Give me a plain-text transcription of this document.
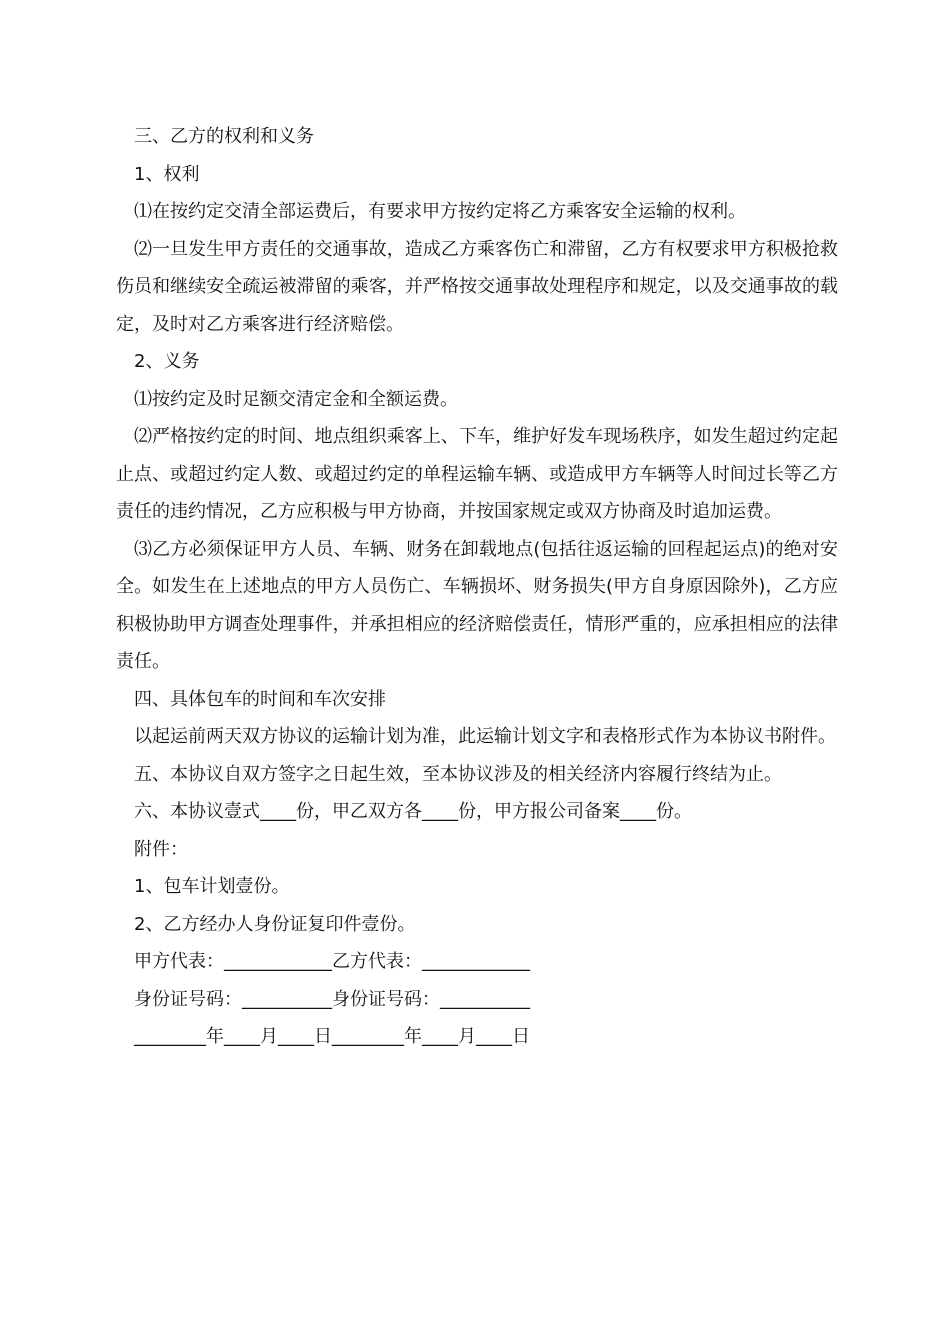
三、乙方的权利和义务

1、权利

⑴在按约定交清全部运费后，有要求甲方按约定将乙方乘客安全运输的权利。

⑵一旦发生甲方责任的交通事故，造成乙方乘客伤亡和滞留，乙方有权要求甲方积极抢救伤员和继续安全疏运被滞留的乘客，并严格按交通事故处理程序和规定，以及交通事故的载定，及时对乙方乘客进行经济赔偿。

2、义务

⑴按约定及时足额交清定金和全额运费。

⑵严格按约定的时间、地点组织乘客上、下车，维护好发车现场秩序，如发生超过约定起止点、或超过约定人数、或超过约定的单程运输车辆、或造成甲方车辆等人时间过长等乙方责任的违约情况，乙方应积极与甲方协商，并按国家规定或双方协商及时追加运费。

⑶乙方必须保证甲方人员、车辆、财务在卸载地点(包括往返运输的回程起运点)的绝对安全。如发生在上述地点的甲方人员伤亡、车辆损坏、财务损失(甲方自身原因除外)，乙方应积极协助甲方调查处理事件，并承担相应的经济赔偿责任，情形严重的，应承担相应的法律责任。

四、具体包车的时间和车次安排

以起运前两天双方协议的运输计划为准，此运输计划文字和表格形式作为本协议书附件。

五、本协议自双方签字之日起生效，至本协议涉及的相关经济内容履行终结为止。

六、本协议壹式____份，甲乙双方各____份，甲方报公司备案____份。

附件：

1、包车计划壹份。

2、乙方经办人身份证复印件壹份。

甲方代表：____________乙方代表：____________

身份证号码：__________身份证号码：__________

________年____月____日________年____月____日
